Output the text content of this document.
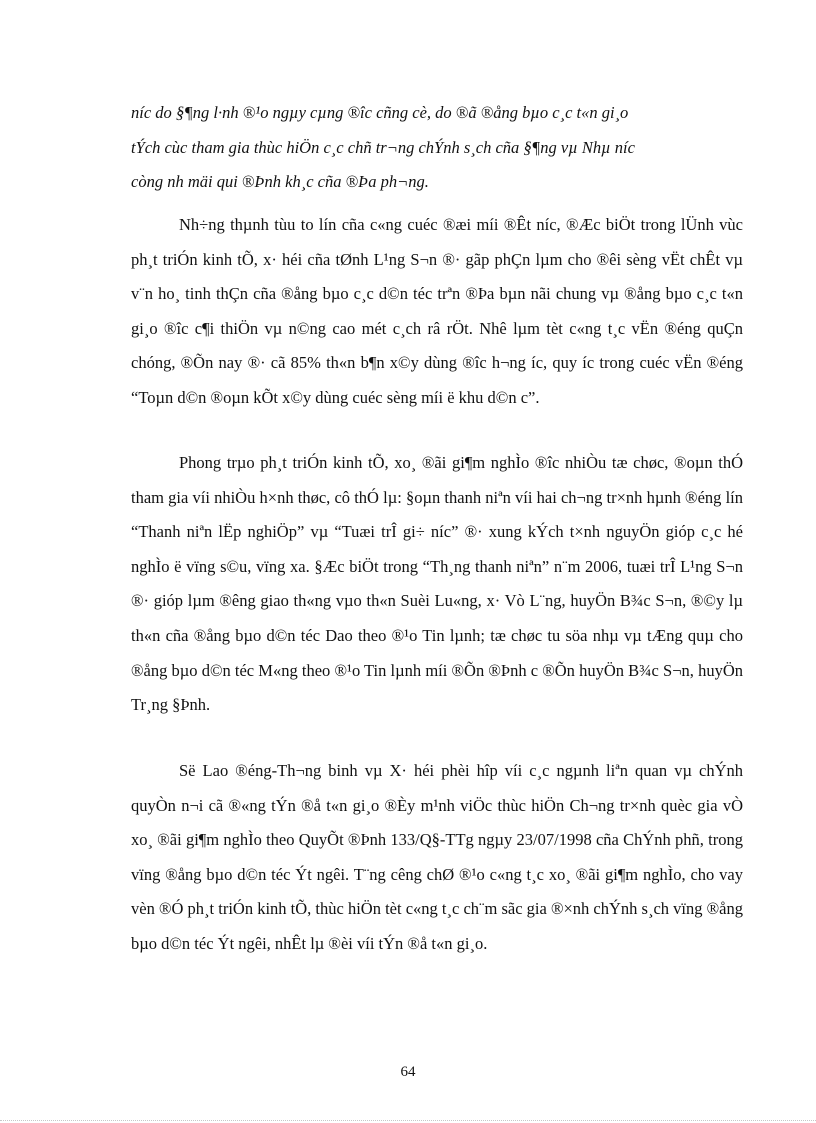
níc do §¶ng l·nh ®¹o ngµy cµng ®îc cñng cè, do ®ã ®ång bµo c¸c t«n gi¸o
tÝch cùc tham gia thùc hiÖn c¸c chñ tr¬ng chÝnh s¸ch cña §¶ng vµ Nhµ níc
còng nh mäi qui ®Þnh kh¸c cña ®Þa ph¬ng.

Nh÷ng thµnh tùu to lín cña c«ng cuéc ®æi míi ®Êt níc, ®Æc biÖt trong lÜnh vùc ph¸t triÓn kinh tÕ, x· héi cña tØnh L¹ng S¬n ®· gãp phÇn lµm cho ®êi sèng vËt chÊt vµ v¨n ho¸ tinh thÇn cña ®ång bµo c¸c d©n téc trªn ®Þa bµn nãi chung vµ ®ång bµo c¸c t«n gi¸o ®îc c¶i thiÖn vµ n©ng cao mét c¸ch râ rÖt. Nhê lµm tèt c«ng t¸c vËn ®éng quÇn chóng, ®Õn nay ®· cã 85% th«n b¶n x©y dùng ®îc h¬ng íc, quy íc trong cuéc vËn ®éng “Toµn d©n ®oµn kÕt x©y dùng cuéc sèng míi ë khu d©n c”.

Phong trµo ph¸t triÓn kinh tÕ, xo¸ ®ãi gi¶m nghÌo ®îc nhiÒu tæ chøc, ®oµn thÓ tham gia víi nhiÒu h×nh thøc, cô thÓ lµ: §oµn thanh niªn víi hai ch¬ng tr×nh hµnh ®éng lín “Thanh niªn lËp nghiÖp” vµ “Tuæi trÎ gi÷ níc” ®· xung kÝch t×nh nguyÖn gióp c¸c hé nghÌo ë vïng s©u, vïng xa. §Æc biÖt trong “Th¸ng thanh niªn” n¨m 2006, tuæi trÎ L¹ng S¬n ®· gióp lµm ®êng giao th«ng vµo th«n Suèi Lu«ng, x· Vò L¨ng, huyÖn B¾c S¬n, ®©y lµ th«n cña ®ång bµo d©n téc Dao theo ®¹o Tin lµnh; tæ chøc tu söa nhµ vµ tÆng quµ cho ®ång bµo d©n téc M«ng theo ®¹o Tin lµnh míi ®Õn ®Þnh c ®Õn huyÖn B¾c S¬n, huyÖn Tr¸ng §Þnh.

Së Lao ®éng-Th¬ng binh vµ X· héi phèi hîp víi c¸c ngµnh liªn quan vµ chÝnh quyÒn n¬i cã ®«ng tÝn ®å t«n gi¸o ®Èy m¹nh viÖc thùc hiÖn Ch¬ng tr×nh quèc gia vÒ xo¸ ®ãi gi¶m nghÌo theo QuyÕt ®Þnh 133/Q§-TTg ngµy 23/07/1998 cña ChÝnh phñ, trong vïng ®ång bµo d©n téc Ýt ngêi. T¨ng cêng chØ ®¹o c«ng t¸c xo¸ ®ãi gi¶m nghÌo, cho vay vèn ®Ó ph¸t triÓn kinh tÕ, thùc hiÖn tèt c«ng t¸c ch¨m sãc gia ®×nh chÝnh s¸ch vïng ®ång bµo d©n téc Ýt ngêi, nhÊt lµ ®èi víi tÝn ®å t«n gi¸o.

64
